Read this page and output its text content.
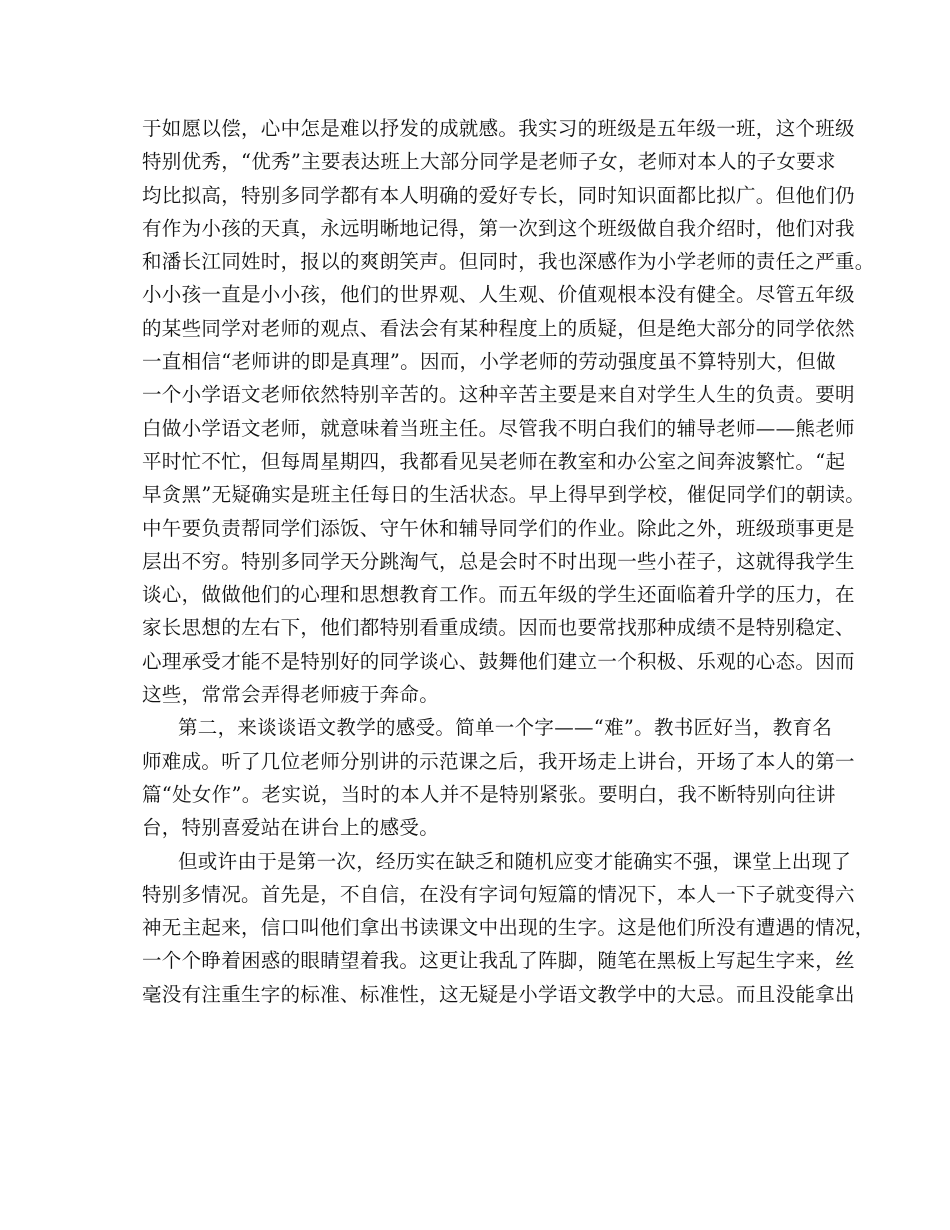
于如愿以偿，心中怎是难以抒发的成就感。我实习的班级是五年级一班，这个班级
特别优秀，“优秀”主要表达班上大部分同学是老师子女，老师对本人的子女要求
均比拟高，特别多同学都有本人明确的爱好专长，同时知识面都比拟广。但他们仍
有作为小孩的天真，永远明晰地记得，第一次到这个班级做自我介绍时，他们对我
和潘长江同姓时，报以的爽朗笑声。但同时，我也深感作为小学老师的责任之严重。
小小孩一直是小小孩，他们的世界观、人生观、价值观根本没有健全。尽管五年级
的某些同学对老师的观点、看法会有某种程度上的质疑，但是绝大部分的同学依然
一直相信“老师讲的即是真理”。因而，小学老师的劳动强度虽不算特别大，但做
一个小学语文老师依然特别辛苦的。这种辛苦主要是来自对学生人生的负责。要明
白做小学语文老师，就意味着当班主任。尽管我不明白我们的辅导老师——熊老师
平时忙不忙，但每周星期四，我都看见吴老师在教室和办公室之间奔波繁忙。“起
早贪黑”无疑确实是班主任每日的生活状态。早上得早到学校，催促同学们的朝读。
中午要负责帮同学们添饭、守午休和辅导同学们的作业。除此之外，班级琐事更是
层出不穷。特别多同学天分跳淘气，总是会时不时出现一些小茬子，这就得我学生
谈心，做做他们的心理和思想教育工作。而五年级的学生还面临着升学的压力，在
家长思想的左右下，他们都特别看重成绩。因而也要常找那种成绩不是特别稳定、
心理承受才能不是特别好的同学谈心、鼓舞他们建立一个积极、乐观的心态。因而
这些，常常会弄得老师疲于奔命。
第二，来谈谈语文教学的感受。简单一个字——“难”。教书匠好当，教育名
师难成。听了几位老师分别讲的示范课之后，我开场走上讲台，开场了本人的第一
篇“处女作”。老实说，当时的本人并不是特别紧张。要明白，我不断特别向往讲
台，特别喜爱站在讲台上的感受。
但或许由于是第一次，经历实在缺乏和随机应变才能确实不强，课堂上出现了
特别多情况。首先是，不自信，在没有字词句短篇的情况下，本人一下子就变得六
神无主起来，信口叫他们拿出书读课文中出现的生字。这是他们所没有遭遇的情况，
一个个睁着困惑的眼睛望着我。这更让我乱了阵脚，随笔在黑板上写起生字来，丝
毫没有注重生字的标准、标准性，这无疑是小学语文教学中的大忌。而且没能拿出
